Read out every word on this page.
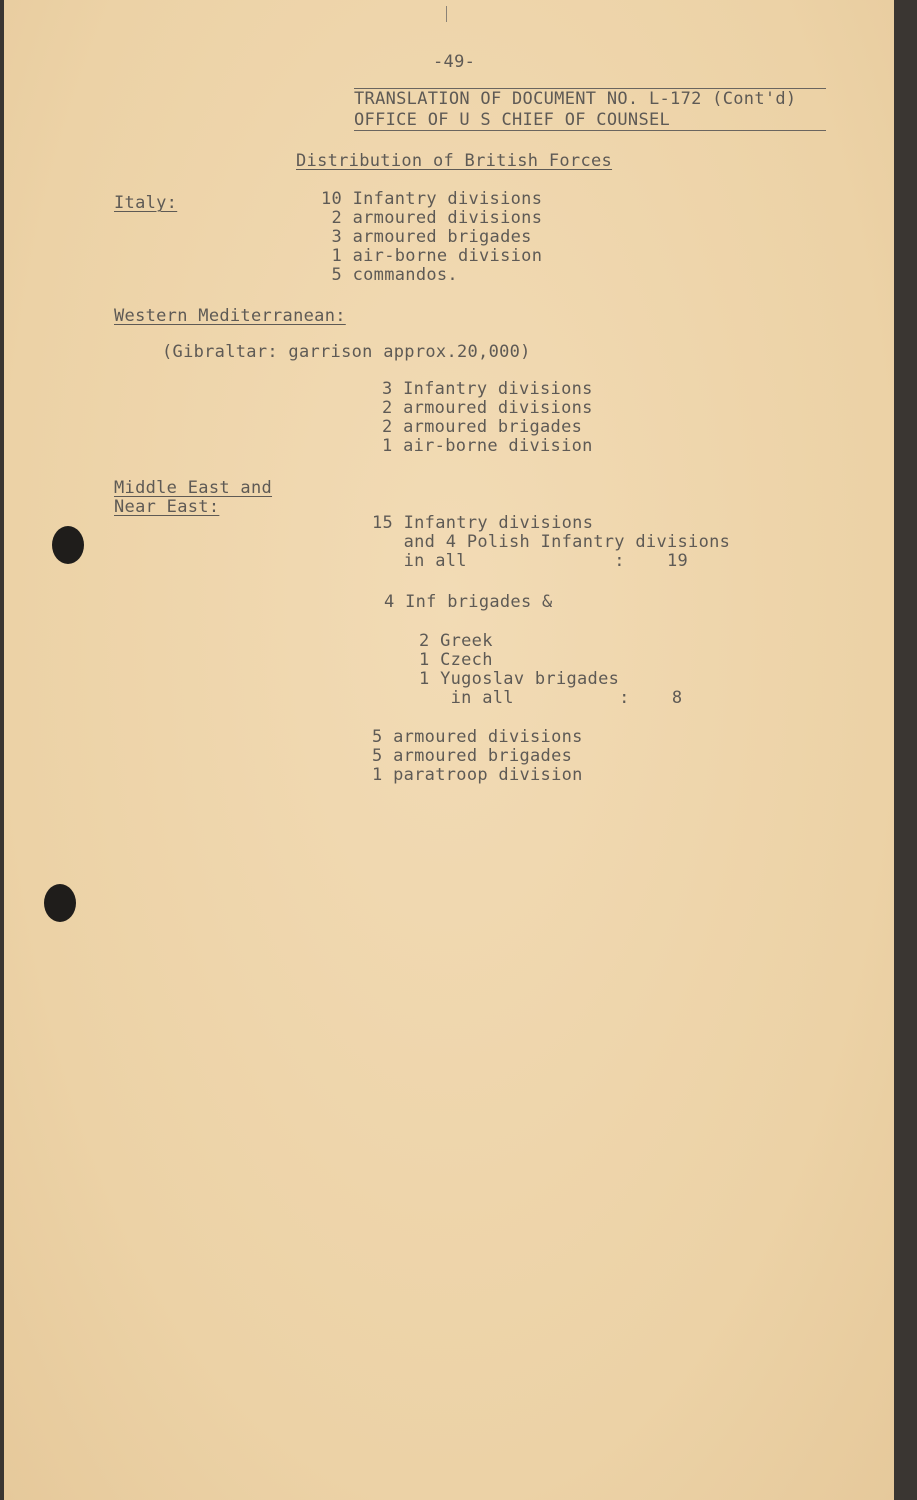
-49-
TRANSLATION OF DOCUMENT NO. L-172 (Cont'd)
OFFICE OF U S CHIEF OF COUNSEL
Distribution of British Forces
Italy:	10 Infantry divisions
2 armoured divisions
3 armoured brigades
1 air-borne division
5 commandos.
Western Mediterranean:
(Gibraltar: garrison approx.20,000)
3 Infantry divisions
2 armoured divisions
2 armoured brigades
1 air-borne division
Middle East and
Near East:
15 Infantry divisions
and 4 Polish Infantry divisions
in all              :    19
4 Inf brigades &
2 Greek
1 Czech
1 Yugoslav brigades
in all          :    8
5 armoured divisions
5 armoured brigades
1 paratroop division
